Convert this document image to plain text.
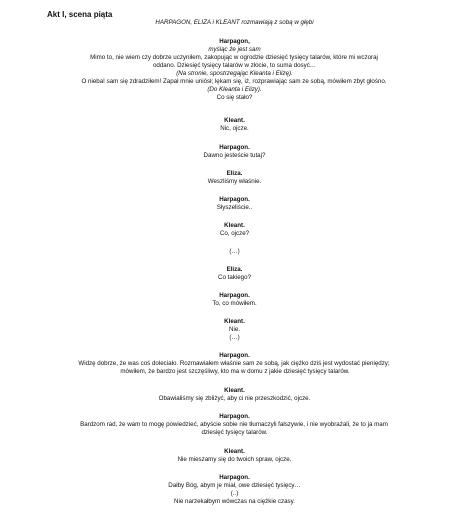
Akt I, scena piąta
HARPAGON, ELIZA i KLEANT rozmawiają z sobą w głębi
Harpagon,
myśląc że jest sam
Mimo to, nie wiem czy dobrze uczyniłem, zakopując w ogrodzie dziesięć tysięcy talarów, które mi wczoraj
oddano. Dziesięć tysięcy talarów w złocie, to suma dosyć…
(Na stronie, spostrzegając Kleanta i Elizę).
O nieba! sam się zdradziłem! Zapał mnie uniósł; lękam się, iż, rozprawiając sam ze sobą, mówiłem zbyt głośno.
(Do Kleanta i Elizy).
Co się stało?
Kleant.
Nic, ojcze.
Harpagon.
Dawno jesteście tutaj?
Eliza.
Weszliśmy właśnie.
Harpagon.
Słyszeliście..
Kleant.
Co, ojcze?
(…)
Eliza.
Co takiego?
Harpagon.
To, co mówiłem.
Kleant.
Nie.
(…)
Harpagon.
Widzę dobrze, że was coś doleciało. Rozmawiałem właśnie sam ze sobą, jak ciężko dziś jest wydostać pieniędzy;
mówiłem, że bardzo jest szczęśliwy, kto ma w domu z jakie dziesięć tysięcy talarów.
Kleant.
Obawialiśmy się zbliżyć, aby ci nie przeszkodzić, ojcze.
Harpagon.
Bardzom rad, że wam to mogę powiedzieć, abyście sobie nie tłumaczyli fałszywie, i nie wyobrażali, że to ja mam
dziesięć tysięcy talarów.
Kleant.
Nie mieszamy się do twoich spraw, ojcze.
Harpagon.
Dałby Bóg, abym je miał, owe dziesięć tysięcy…
(..)
Nie narzekałbym wówczas na ciężkie czasy.
